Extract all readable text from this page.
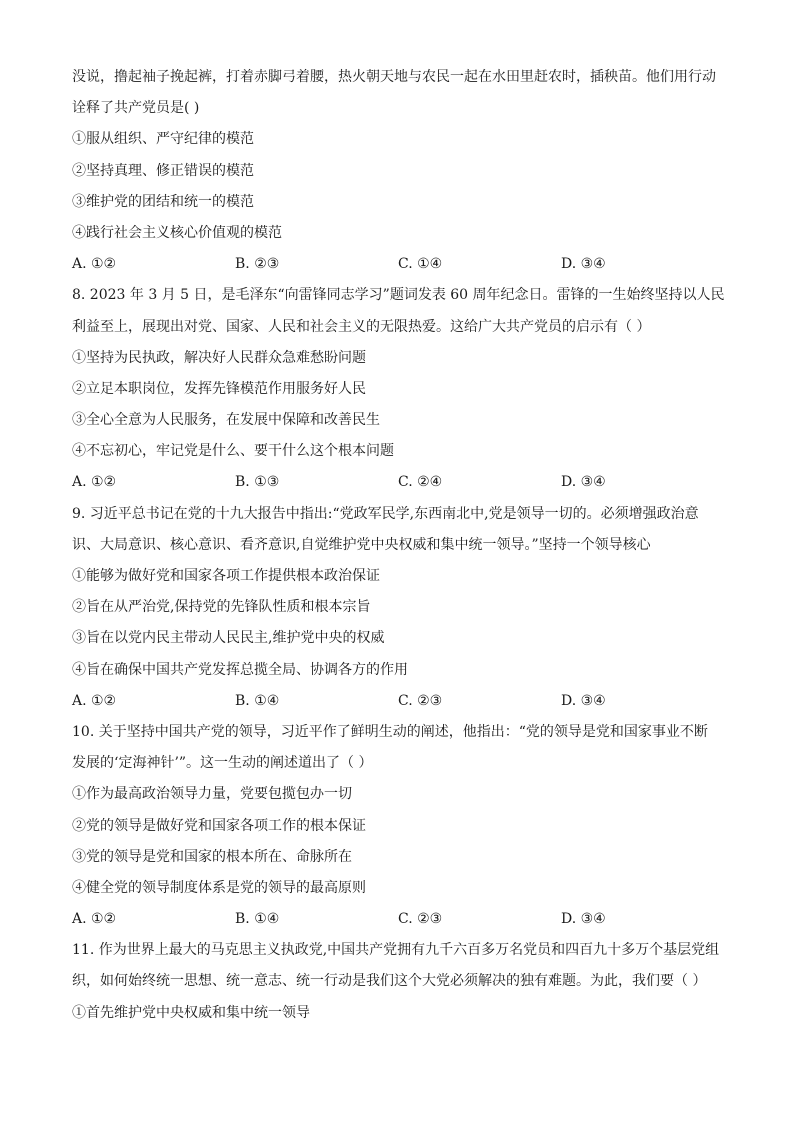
没说，撸起袖子挽起裤，打着赤脚弓着腰，热火朝天地与农民一起在水田里赶农时，插秧苗。他们用行动
诠释了共产党员是( )
①服从组织、严守纪律的模范
②坚持真理、修正错误的模范
③维护党的团结和统一的模范
④践行社会主义核心价值观的模范
A. ①②	B. ②③	C. ①④	D. ③④
8. 2023 年 3 月 5 日，是毛泽东“向雷锋同志学习”题词发表 60 周年纪念日。雷锋的一生始终坚持以人民
利益至上，展现出对党、国家、人民和社会主义的无限热爱。这给广大共产党员的启示有（ ）
①坚持为民执政，解决好人民群众急难愁盼问题
②立足本职岗位，发挥先锋模范作用服务好人民
③全心全意为人民服务，在发展中保障和改善民生
④不忘初心，牢记党是什么、要干什么这个根本问题
A. ①②	B. ①③	C. ②④	D. ③④
9. 习近平总书记在党的十九大报告中指出:“党政军民学,东西南北中,党是领导一切的。必须增强政治意
识、大局意识、核心意识、看齐意识,自觉维护党中央权威和集中统一领导。”坚持一个领导核心
①能够为做好党和国家各项工作提供根本政治保证
②旨在从严治党,保持党的先锋队性质和根本宗旨
③旨在以党内民主带动人民民主,维护党中央的权威
④旨在确保中国共产党发挥总揽全局、协调各方的作用
A. ①②	B. ①④	C. ②③	D. ③④
10. 关于坚持中国共产党的领导，习近平作了鲜明生动的阐述，他指出：“党的领导是党和国家事业不断
发展的‘定海神针’”。这一生动的阐述道出了（ ）
①作为最高政治领导力量，党要包揽包办一切
②党的领导是做好党和国家各项工作的根本保证
③党的领导是党和国家的根本所在、命脉所在
④健全党的领导制度体系是党的领导的最高原则
A. ①②	B. ①④	C. ②③	D. ③④
11. 作为世界上最大的马克思主义执政党,中国共产党拥有九千六百多万名党员和四百九十多万个基层党组
织，如何始终统一思想、统一意志、统一行动是我们这个大党必须解决的独有难题。为此，我们要（ ）
①首先维护党中央权威和集中统一领导
